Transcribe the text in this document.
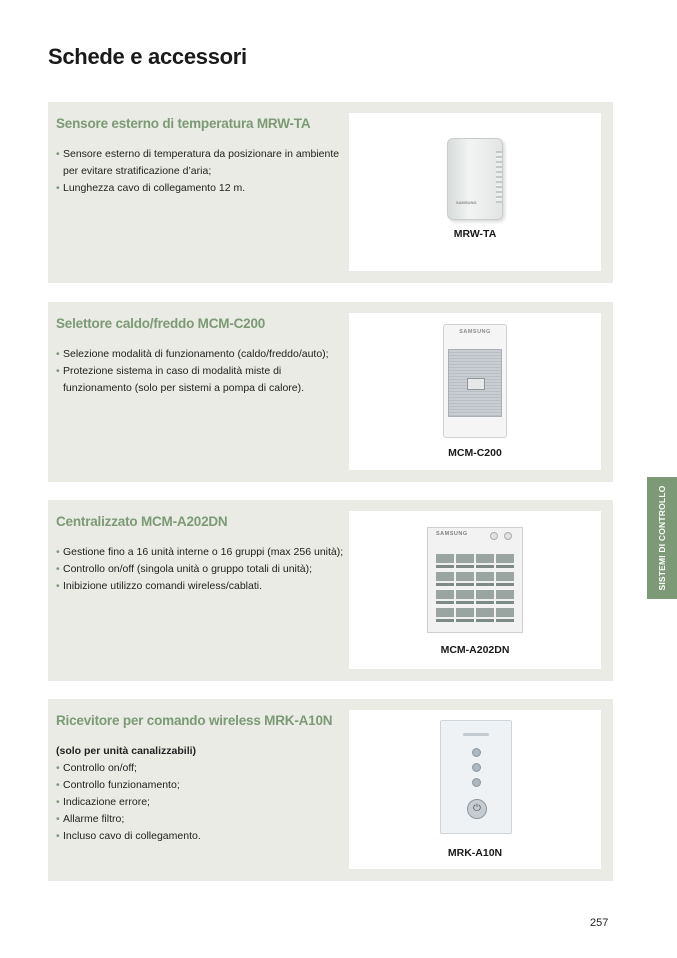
Schede e accessori
Sensore esterno di temperatura MRW-TA
• Sensore esterno di temperatura da posizionare in ambiente per evitare stratificazione d’aria;
• Lunghezza cavo di collegamento 12 m.
SAMSUNG
MRW-TA
Selettore caldo/freddo MCM-C200
• Selezione modalità di funzionamento (caldo/freddo/auto);
• Protezione sistema in caso di modalità miste di funzionamento (solo per sistemi a pompa di calore).
SAMSUNG
MCM-C200
Centralizzato MCM-A202DN
• Gestione fino a 16 unità interne o 16 gruppi (max 256 unità);
• Controllo on/off (singola unità o gruppo totali di unità);
• Inibizione utilizzo comandi wireless/cablati.
SAMSUNG
MCM-A202DN
Ricevitore per comando wireless MRK-A10N
(solo per unità canalizzabili)
• Controllo on/off;
• Controllo funzionamento;
• Indicazione errore;
• Allarme filtro;
• Incluso cavo di collegamento.
⏻
MRK-A10N
SISTEMI DI CONTROLLO
257
